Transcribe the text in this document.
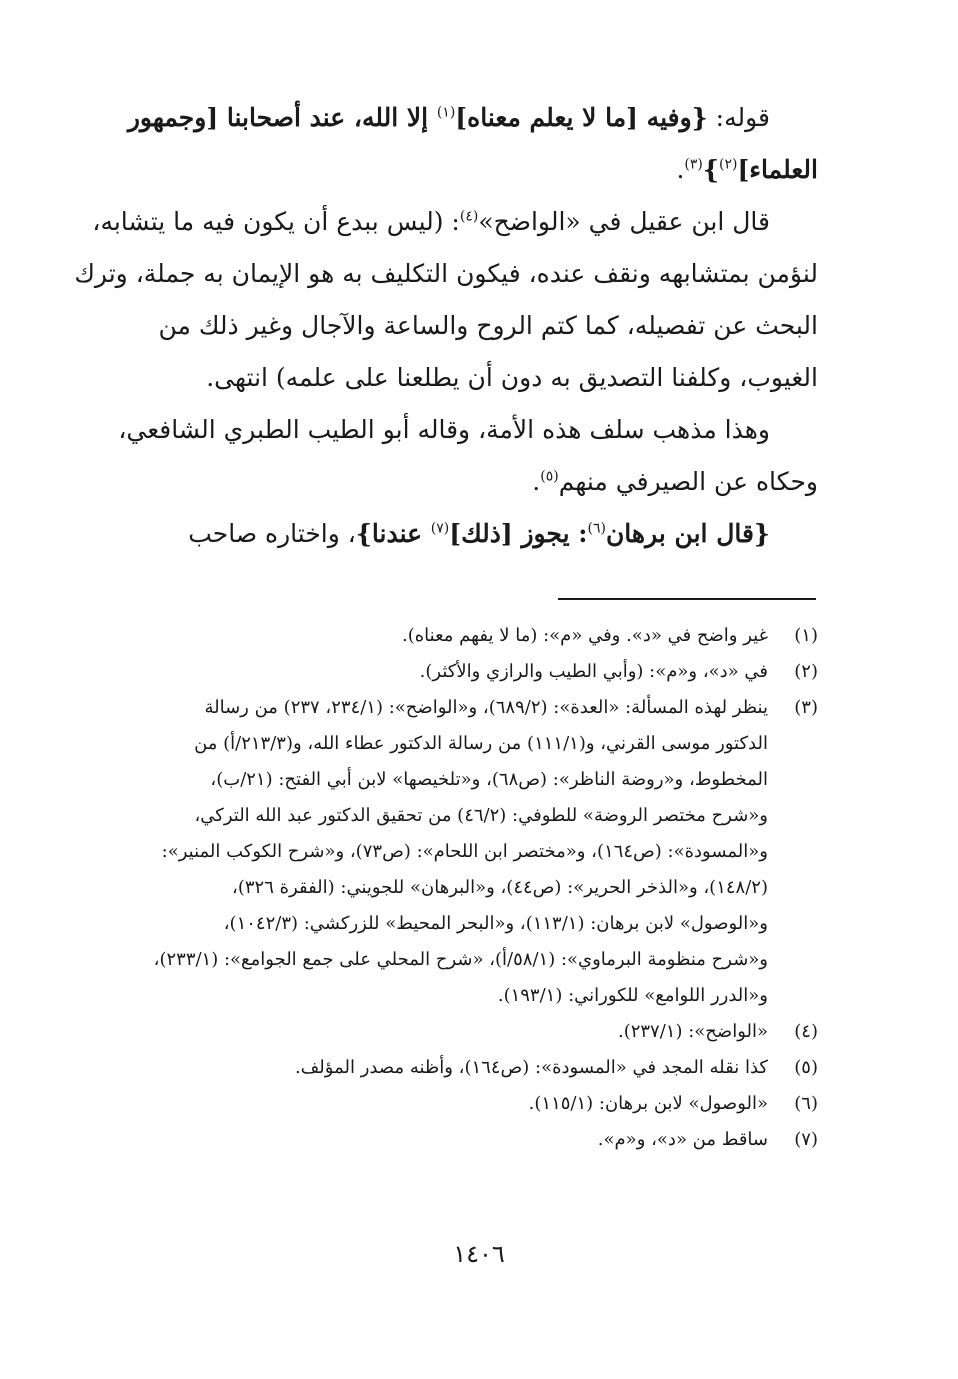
قوله: {وفيه [ما لا يعلم معناه]$^{(١)}$ إلا الله، عند أصحابنا [وجمهور
العلماء]$^{(٢)}$}$^{(٣)}$.
قال ابن عقيل في «الواضح»$^{(٤)}$: (ليس ببدع أن يكون فيه ما يتشابه،
لنؤمن بمتشابهه ونقف عنده، فيكون التكليف به هو الإيمان به جملة، وترك
البحث عن تفصيله، كما كتم الروح والساعة والآجال وغير ذلك من
الغيوب، وكلفنا التصديق به دون أن يطلعنا على علمه) انتهى.
وهذا مذهب سلف هذه الأمة، وقاله أبو الطيب الطبري الشافعي،
وحكاه عن الصيرفي منهم$^{(٥)}$.
{قال ابن برهان$^{(٦)}$: يجوز [ذلك]$^{(٧)}$ عندنا}، واختاره صاحب
(١)
غير واضح في «د». وفي «م»: (ما لا يفهم معناه).
(٢)
في «د»، و«م»: (وأبي الطيب والرازي والأكثر).
(٣)
ينظر لهذه المسألة: «العدة»: (٦٨٩/٢)، و«الواضح»: (٢٣٤/١، ٢٣٧) من رسالة
الدكتور موسى القرني، و(١١١/١) من رسالة الدكتور عطاء الله، و(٢١٣/٣/أ) من
المخطوط، و«روضة الناظر»: (ص٦٨)، و«تلخيصها» لابن أبي الفتح: (٢١/ب)،
و«شرح مختصر الروضة» للطوفي: (٤٦/٢) من تحقيق الدكتور عبد الله التركي،
و«المسودة»: (ص١٦٤)، و«مختصر ابن اللحام»: (ص٧٣)، و«شرح الكوكب المنير»:
(١٤٨/٢)، و«الذخر الحرير»: (ص٤٤)، و«البرهان» للجويني: (الفقرة ٣٢٦)،
و«الوصول» لابن برهان: (١١٣/١)، و«البحر المحيط» للزركشي: (١٠٤٢/٣)،
و«شرح منظومة البرماوي»: (٥٨/١/أ)، «شرح المحلي على جمع الجوامع»: (٢٣٣/١)،
و«الدرر اللوامع» للكوراني: (١٩٣/١).
(٤)
«الواضح»: (٢٣٧/١).
(٥)
كذا نقله المجد في «المسودة»: (ص١٦٤)، وأظنه مصدر المؤلف.
(٦)
«الوصول» لابن برهان: (١١٥/١).
(٧)
ساقط من «د»، و«م».
١٤٠٦
